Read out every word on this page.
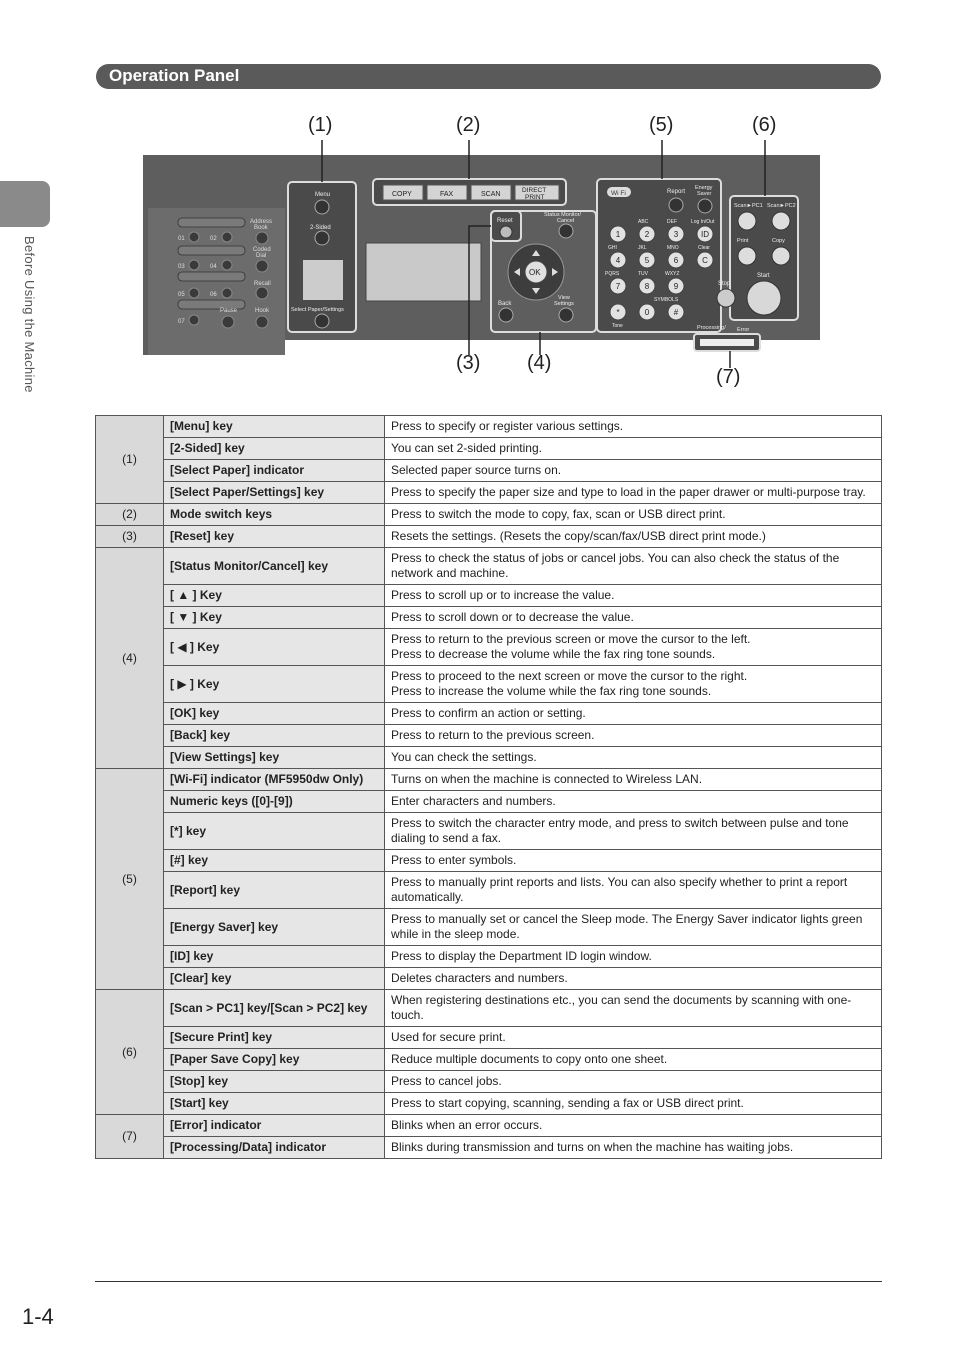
Before Using the Machine
Operation Panel
01	02
03	04
05	06
07
Address
Book
Coded
Dial
Recall
Pause	Hook
Menu
2-Sided
Select Paper/Settings
COPY	FAX	SCAN
DIRECT
PRINT
Reset
Status Monitor/
Cancel
OK
Back
View
Settings
Wi Fi	Report
Energy
Saver
1	2	3	ID
4	5	6	C
7	8	9
*	0	#
ABC	DEF	Log In/Out
GHI	JKL	MNO	Clear
PQRS	TUV	WXYZ
SYMBOLS
Tone
Scan►PC1 Scan►PC2
Print	Copy
Start
Stop
Processing/ Error
(1)	(2)	(5)	(6)
(3) (4)
(7)
(1)	[Menu] key	Press to specify or register various settings.

	[2-Sided] key	You can set 2-sided printing.

	[Select Paper] indicator	Selected paper source turns on.

	[Select Paper/Settings] key	Press to specify the paper size and type to load in the paper drawer or multi-purpose tray.

(2)	Mode switch keys	Press to switch the mode to copy, fax, scan or USB direct print.

(3)	[Reset] key	Resets the settings. (Resets the copy/scan/fax/USB direct print mode.)

(4)	[Status Monitor/Cancel] key	Press to check the status of jobs or cancel jobs. You can also check the status of the network and machine.

	[ ▲ ] Key	Press to scroll up or to increase the value.

	[ ▼ ] Key	Press to scroll down or to decrease the value.

	[ ◀ ] Key	Press to return to the previous screen or move the cursor to the left.
Press to decrease the volume while the fax ring tone sounds.

	[ ▶ ] Key	Press to proceed to the next screen or move the cursor to the right.
Press to increase the volume while the fax ring tone sounds.

	[OK] key	Press to confirm an action or setting.

	[Back] key	Press to return to the previous screen.

	[View Settings] key	You can check the settings.

(5)	[Wi-Fi] indicator (MF5950dw Only)	Turns on when the machine is connected to Wireless LAN.

	Numeric keys ([0]-[9])	Enter characters and numbers.

	[*] key	Press to switch the character entry mode, and press to switch between pulse and tone dialing to send a fax.

	[#] key	Press to enter symbols.

	[Report] key	Press to manually print reports and lists. You can also specify whether to print a report automatically.

	[Energy Saver] key	Press to manually set or cancel the Sleep mode. The Energy Saver indicator lights green while in the sleep mode.

	[ID] key	Press to display the Department ID login window.

	[Clear] key	Deletes characters and numbers.

(6)	[Scan > PC1] key/[Scan > PC2] key	When registering destinations etc., you can send the documents by scanning with one-touch.

	[Secure Print] key	Used for secure print.

	[Paper Save Copy] key	Reduce multiple documents to copy onto one sheet.

	[Stop] key	Press to cancel jobs.

	[Start] key	Press to start copying, scanning, sending a fax or USB direct print.

(7)	[Error] indicator	Blinks when an error occurs.

	[Processing/Data] indicator	Blinks during transmission and turns on when the machine has waiting jobs.
1-4
